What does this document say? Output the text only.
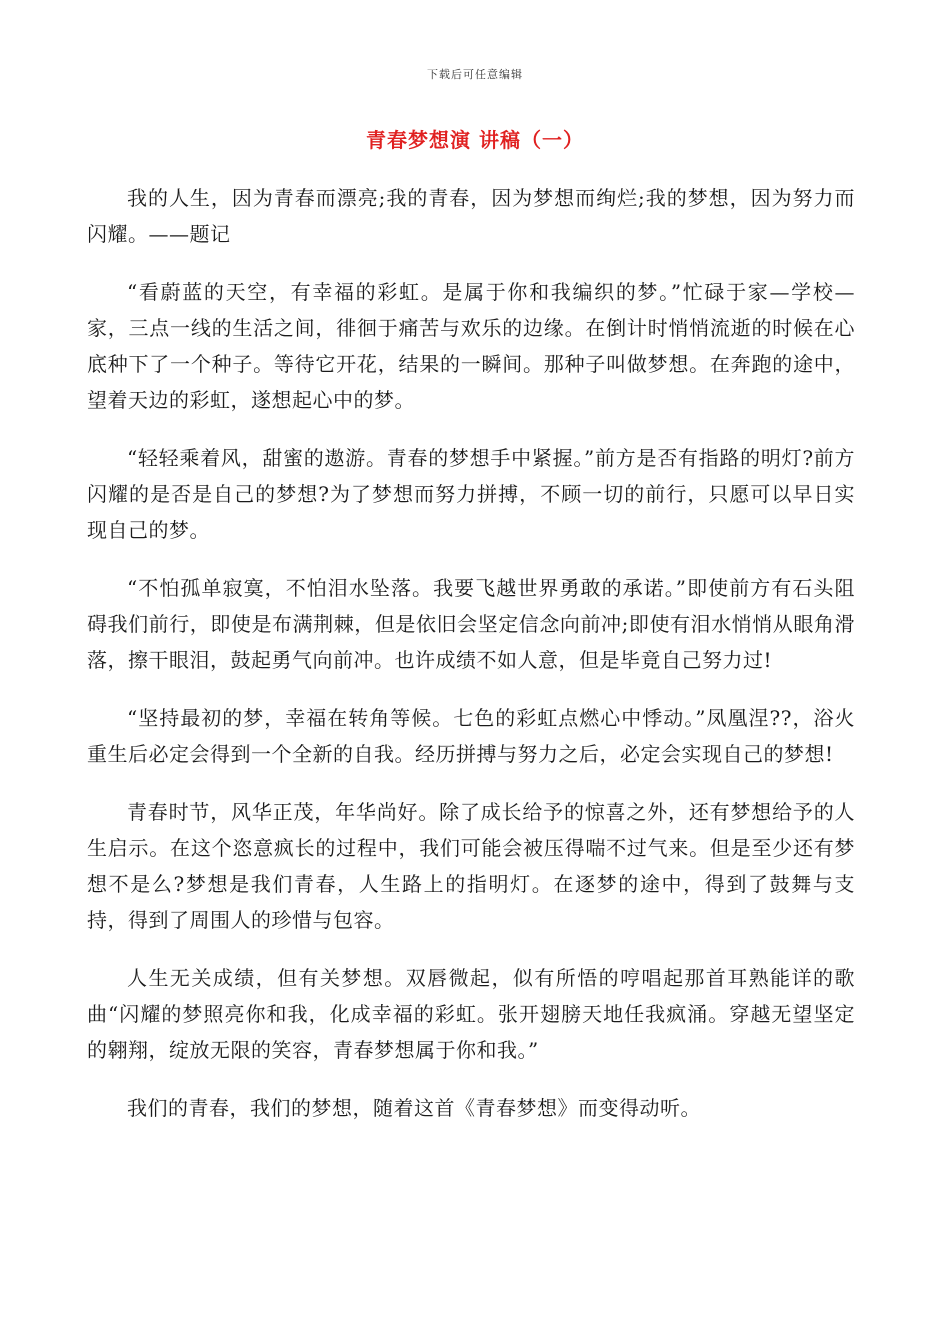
下载后可任意编辑
青春梦想演 讲稿（一）

我的人生，因为青春而漂亮;我的青春，因为梦想而绚烂;我的梦想，因为努力而闪耀。——题记

“看蔚蓝的天空，有幸福的彩虹。是属于你和我编织的梦。”忙碌于家—学校—家，三点一线的生活之间，徘徊于痛苦与欢乐的边缘。在倒计时悄悄流逝的时候在心底种下了一个种子。等待它开花，结果的一瞬间。那种子叫做梦想。在奔跑的途中，望着天边的彩虹，遂想起心中的梦。

“轻轻乘着风，甜蜜的遨游。青春的梦想手中紧握。”前方是否有指路的明灯?前方闪耀的是否是自己的梦想?为了梦想而努力拼搏，不顾一切的前行，只愿可以早日实现自己的梦。

“不怕孤单寂寞，不怕泪水坠落。我要飞越世界勇敢的承诺。”即使前方有石头阻碍我们前行，即使是布满荆棘，但是依旧会坚定信念向前冲;即使有泪水悄悄从眼角滑落，擦干眼泪，鼓起勇气向前冲。也许成绩不如人意，但是毕竟自己努力过!

“坚持最初的梦，幸福在转角等候。七色的彩虹点燃心中悸动。”凤凰涅??，浴火重生后必定会得到一个全新的自我。经历拼搏与努力之后，必定会实现自己的梦想!

青春时节，风华正茂，年华尚好。除了成长给予的惊喜之外，还有梦想给予的人生启示。在这个恣意疯长的过程中，我们可能会被压得喘不过气来。但是至少还有梦想不是么?梦想是我们青春，人生路上的指明灯。在逐梦的途中，得到了鼓舞与支持，得到了周围人的珍惜与包容。

人生无关成绩，但有关梦想。双唇微起，似有所悟的哼唱起那首耳熟能详的歌曲“闪耀的梦照亮你和我，化成幸福的彩虹。张开翅膀天地任我疯涌。穿越无望坚定的翱翔，绽放无限的笑容，青春梦想属于你和我。”

我们的青春，我们的梦想，随着这首《青春梦想》而变得动听。
